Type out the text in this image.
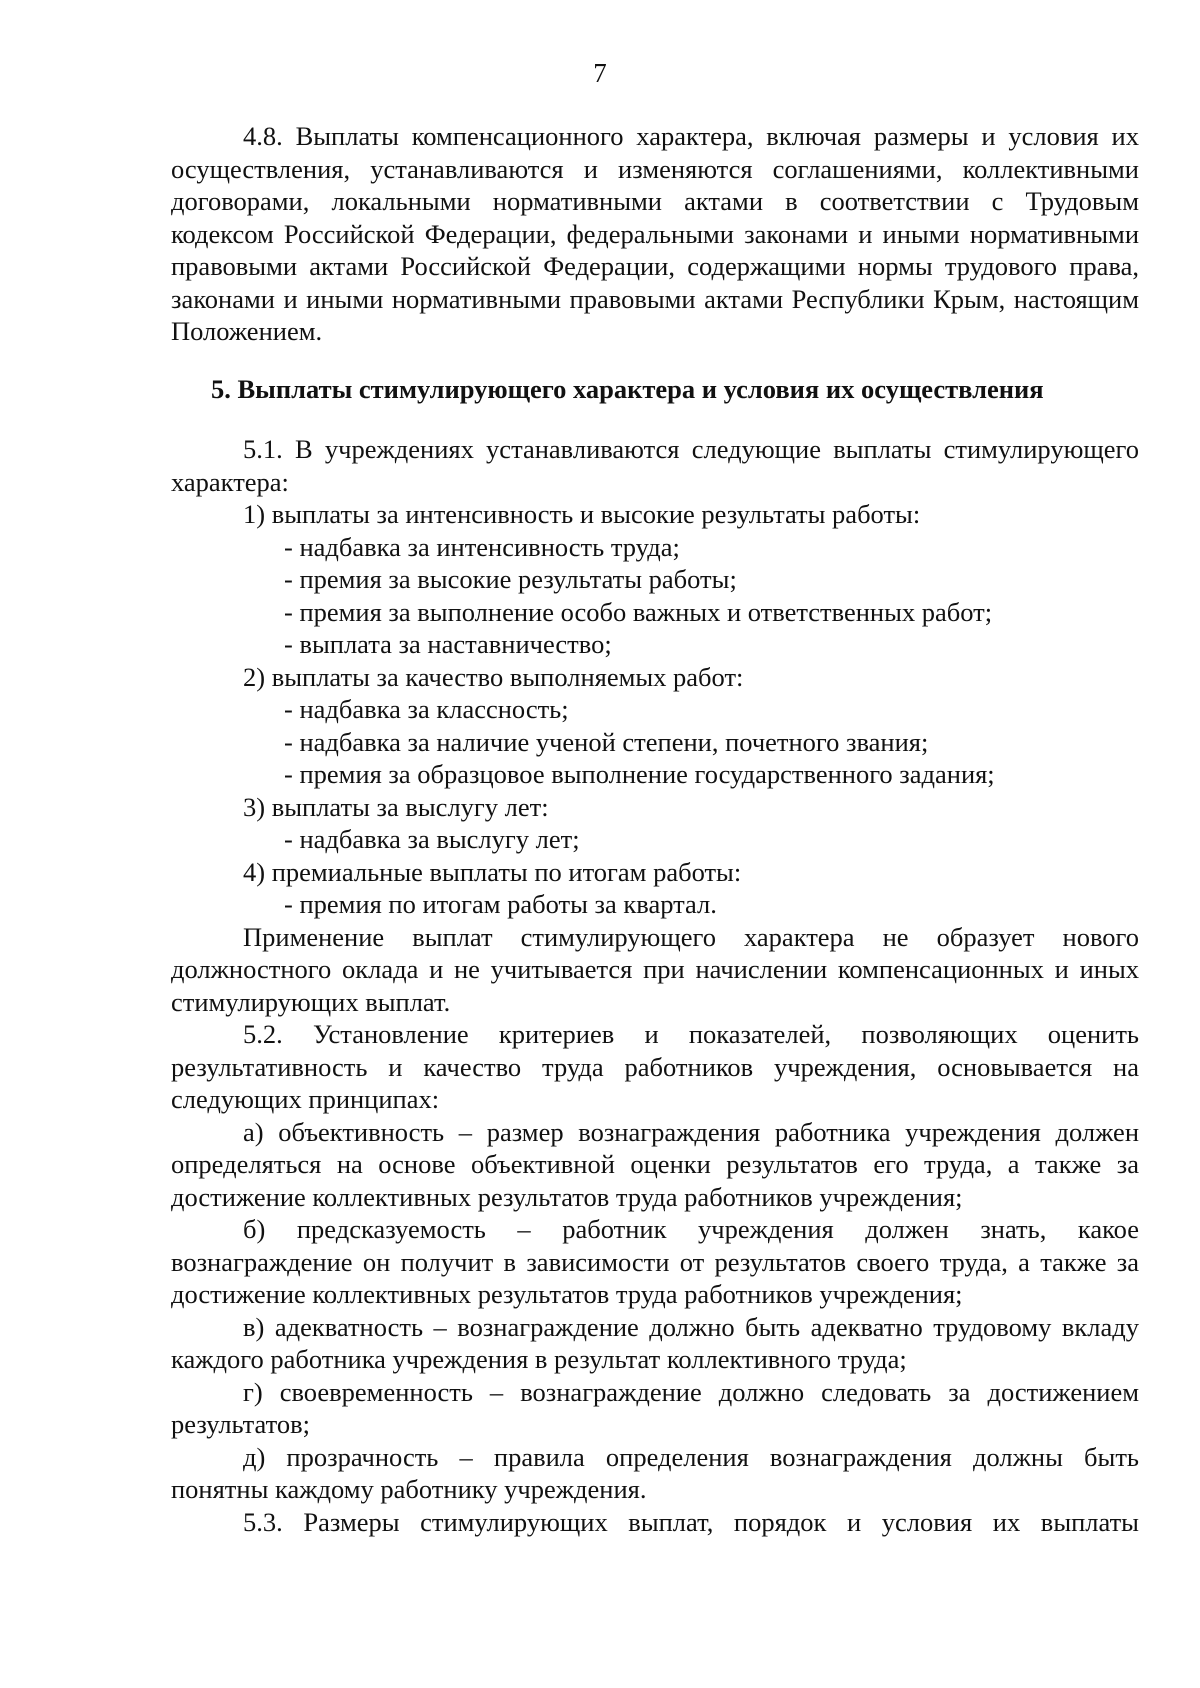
7

4.8. Выплаты компенсационного характера, включая размеры и условия их осуществления, устанавливаются и изменяются соглашениями, коллективными договорами, локальными нормативными актами в соответствии с Трудовым кодексом Российской Федерации, федеральными законами и иными нормативными правовыми актами Российской Федерации, содержащими нормы трудового права, законами и иными нормативными правовыми актами Республики Крым, настоящим Положением.

5. Выплаты стимулирующего характера и условия их осуществления

5.1. В учреждениях устанавливаются следующие выплаты стимулирующего характера:

1) выплаты за интенсивность и высокие результаты работы:
- надбавка за интенсивность труда;
- премия за высокие результаты работы;
- премия за выполнение особо важных и ответственных работ;
- выплата за наставничество;
2) выплаты за качество выполняемых работ:
- надбавка за классность;
- надбавка за наличие ученой степени, почетного звания;
- премия за образцовое выполнение государственного задания;
3) выплаты за выслугу лет:
- надбавка за выслугу лет;
4) премиальные выплаты по итогам работы:
- премия по итогам работы за квартал.

Применение выплат стимулирующего характера не образует нового должностного оклада и не учитывается при начислении компенсационных и иных стимулирующих выплат.

5.2. Установление критериев и показателей, позволяющих оценить результативность и качество труда работников учреждения, основывается на следующих принципах:

а) объективность – размер вознаграждения работника учреждения должен определяться на основе объективной оценки результатов его труда, а также за достижение коллективных результатов труда работников учреждения;

б) предсказуемость – работник учреждения должен знать, какое вознаграждение он получит в зависимости от результатов своего труда, а также за достижение коллективных результатов труда работников учреждения;

в) адекватность – вознаграждение должно быть адекватно трудовому вкладу каждого работника учреждения в результат коллективного труда;

г) своевременность – вознаграждение должно следовать за достижением результатов;

д) прозрачность – правила определения вознаграждения должны быть понятны каждому работнику учреждения.

5.3. Размеры стимулирующих выплат, порядок и условия их выплаты
